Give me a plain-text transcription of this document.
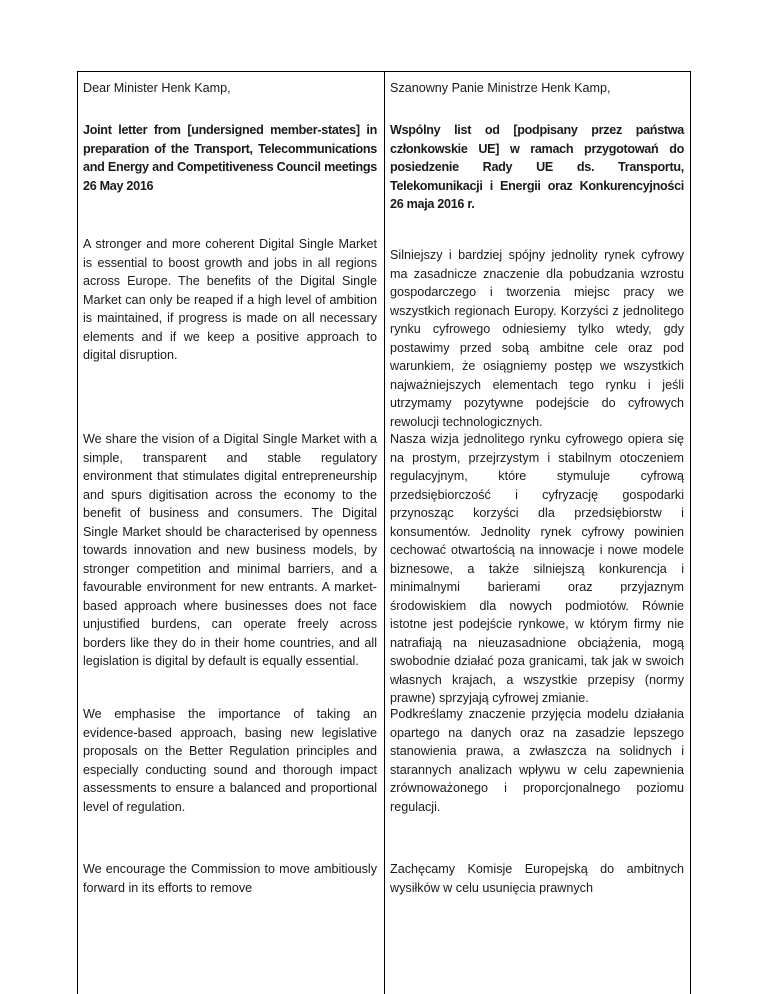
Dear Minister Henk Kamp,
Joint letter from [undersigned member-states] in preparation of the Transport, Telecommunications and Energy and Competitiveness Council meetings 26 May 2016
A stronger and more coherent Digital Single Market is essential to boost growth and jobs in all regions across Europe. The benefits of the Digital Single Market can only be reaped if a high level of ambition is maintained, if progress is made on all necessary elements and if we keep a positive approach to digital disruption.
We share the vision of a Digital Single Market with a simple, transparent and stable regulatory environment that stimulates digital entrepreneurship and spurs digitisation across the economy to the benefit of business and consumers. The Digital Single Market should be characterised by openness towards innovation and new business models, by stronger competition and minimal barriers, and a favourable environment for new entrants. A market-based approach where businesses does not face unjustified burdens, can operate freely across borders like they do in their home countries, and all legislation is digital by default is equally essential.
We emphasise the importance of taking an evidence-based approach, basing new legislative proposals on the Better Regulation principles and especially conducting sound and thorough impact assessments to ensure a balanced and proportional level of regulation.
We encourage the Commission to move ambitiously forward in its efforts to remove
Szanowny Panie Ministrze Henk Kamp,
Wspólny list od [podpisany przez państwa członkowskie UE] w ramach przygotowań do posiedzenie Rady UE ds. Transportu, Telekomunikacji i Energii oraz Konkurencyjności 26 maja 2016 r.
Silniejszy i bardziej spójny jednolity rynek cyfrowy ma zasadnicze znaczenie dla pobudzania wzrostu gospodarczego i tworzenia miejsc pracy we wszystkich regionach Europy. Korzyści z jednolitego rynku cyfrowego odniesiemy tylko wtedy, gdy postawimy przed sobą ambitne cele oraz pod warunkiem, że osiągniemy postęp we wszystkich najważniejszych elementach tego rynku i jeśli utrzymamy pozytywne podejście do cyfrowych rewolucji technologicznych.
Nasza wizja jednolitego rynku cyfrowego opiera się na prostym, przejrzystym i stabilnym otoczeniem regulacyjnym, które stymuluje cyfrową przedsiębiorczość i cyfryzację gospodarki przynosząc korzyści dla przedsiębiorstw i konsumentów. Jednolity rynek cyfrowy powinien cechować otwartością na innowacje i nowe modele biznesowe, a także silniejszą konkurencja i minimalnymi barierami oraz przyjaznym środowiskiem dla nowych podmiotów. Równie istotne jest podejście rynkowe, w którym firmy nie natrafiają na nieuzasadnione obciążenia, mogą swobodnie działać poza granicami, tak jak w swoich własnych krajach, a wszystkie przepisy (normy prawne) sprzyjają cyfrowej zmianie.
Podkreślamy znaczenie przyjęcia modelu działania opartego na danych oraz na zasadzie lepszego stanowienia prawa, a zwłaszcza na solidnych i starannych analizach wpływu w celu zapewnienia zrównoważonego i proporcjonalnego poziomu regulacji.
Zachęcamy Komisje Europejską do ambitnych wysiłków w celu usunięcia prawnych
